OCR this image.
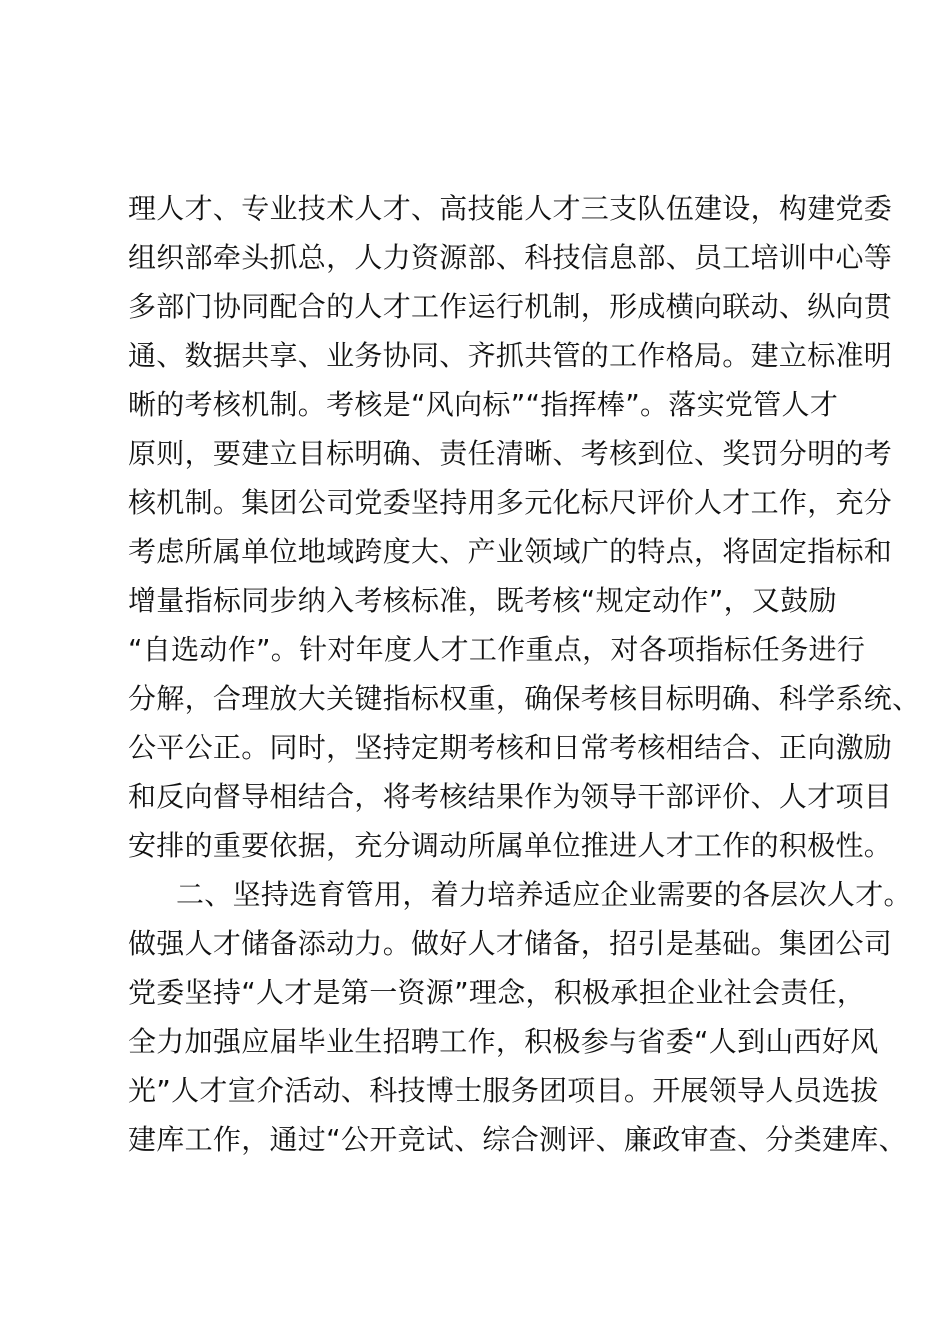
理人才、专业技术人才、高技能人才三支队伍建设，构建党委
组织部牵头抓总，人力资源部、科技信息部、员工培训中心等
多部门协同配合的人才工作运行机制，形成横向联动、纵向贯
通、数据共享、业务协同、齐抓共管的工作格局。建立标准明
晰的考核机制。考核是“风向标”“指挥棒”。落实党管人才
原则，要建立目标明确、责任清晰、考核到位、奖罚分明的考
核机制。集团公司党委坚持用多元化标尺评价人才工作，充分
考虑所属单位地域跨度大、产业领域广的特点，将固定指标和
增量指标同步纳入考核标准，既考核“规定动作”，又鼓励
“自选动作”。针对年度人才工作重点，对各项指标任务进行
分解，合理放大关键指标权重，确保考核目标明确、科学系统、
公平公正。同时，坚持定期考核和日常考核相结合、正向激励
和反向督导相结合，将考核结果作为领导干部评价、人才项目
安排的重要依据，充分调动所属单位推进人才工作的积极性。
二、坚持选育管用，着力培养适应企业需要的各层次人才。
做强人才储备添动力。做好人才储备，招引是基础。集团公司
党委坚持“人才是第一资源”理念，积极承担企业社会责任，
全力加强应届毕业生招聘工作，积极参与省委“人到山西好风
光”人才宣介活动、科技博士服务团项目。开展领导人员选拔
建库工作，通过“公开竞试、综合测评、廉政审查、分类建库、
